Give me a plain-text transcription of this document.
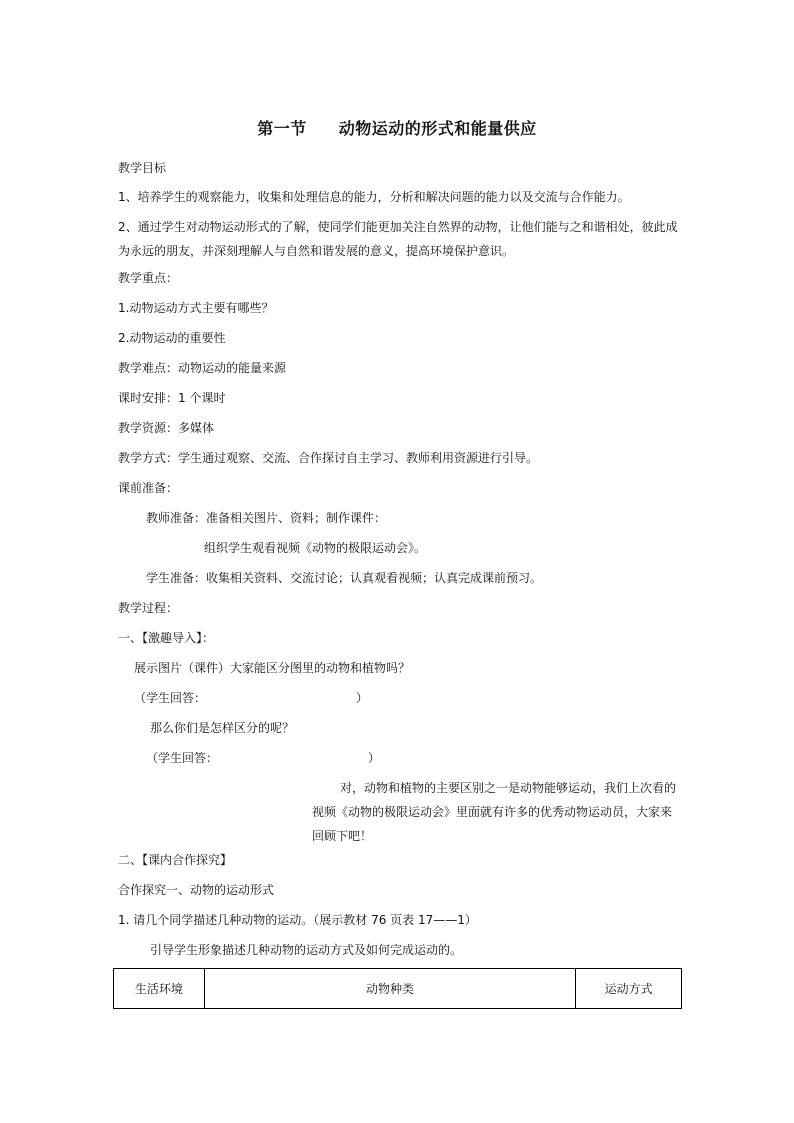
第一节 动物运动的形式和能量供应
教学目标
1、培养学生的观察能力，收集和处理信息的能力，分析和解决问题的能力以及交流与合作能力。
2、通过学生对动物运动形式的了解，使同学们能更加关注自然界的动物，让他们能与之和谐相处，彼此成为永远的朋友，并深刻理解人与自然和谐发展的意义，提高环境保护意识。
教学重点：
1.动物运动方式主要有哪些？
2.动物运动的重要性
教学难点：动物运动的能量来源
课时安排：1 个课时
教学资源：多媒体
教学方式：学生通过观察、交流、合作探讨自主学习、教师利用资源进行引导。
课前准备：
教师准备：准备相关图片、资料；制作课件：
组织学生观看视频《动物的极限运动会》。
学生准备：收集相关资料、交流讨论；认真观看视频；认真完成课前预习。
教学过程：
一、【激趣导入】：
展示图片（课件）大家能区分图里的动物和植物吗？
（学生回答：	）
那么你们是怎样区分的呢？
（学生回答：	）
对，动物和植物的主要区别之一是动物能够运动，我们上次看的视频《动物的极限运动会》里面就有许多的优秀动物运动员，大家来回顾下吧！
二、【课内合作探究】
合作探究一、动物的运动形式
1. 请几个同学描述几种动物的运动。（展示教材 76 页表 17——1）
引导学生形象描述几种动物的运动方式及如何完成运动的。
生活环境	动物种类	运动方式
